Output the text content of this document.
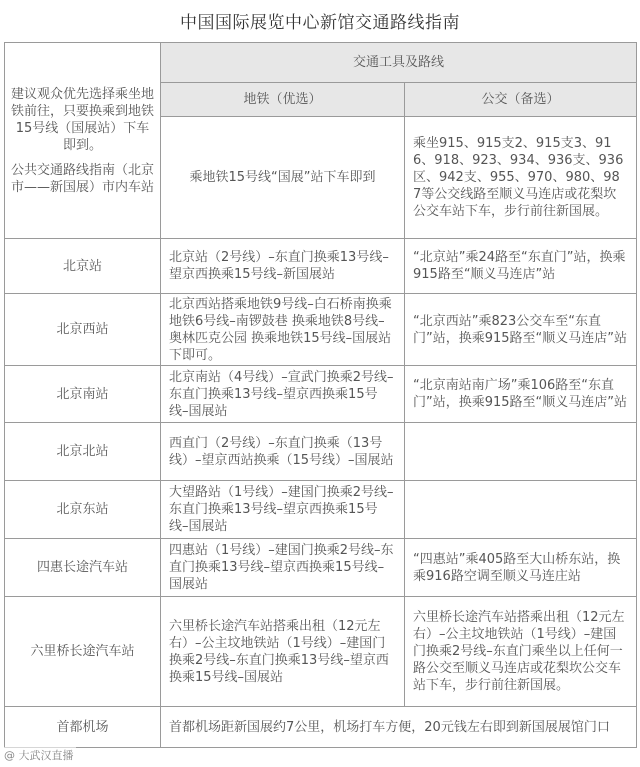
中国国际展览中心新馆交通路线指南
建议观众优先选择乘坐地铁前往，只要换乘到地铁15号线（国展站）下车即到。
公共交通路线指南（北京市——新国展）市内车站	交通工具及路线	
	地铁（优选）	公交（备选）
	乘地铁15号线“国展”站下车即到	乘坐915、915支2、915支3、916、918、923、934、936支、936区、942支、955、970、980、987等公交线路至顺义马连店或花梨坎公交车站下车，步行前往新国展。
北京站	北京站（2号线）–东直门换乘13号线–望京西换乘15号线–新国展站	“北京站”乘24路至“东直门”站，换乘915路至“顺义马连店”站
北京西站	北京西站搭乘地铁9号线–白石桥南换乘地铁6号线–南锣鼓巷 换乘地铁8号线–奥林匹克公园 换乘地铁15号线–国展站下即可。	“北京西站”乘823公交车至“东直门”站，换乘915路至“顺义马连店”站
北京南站	北京南站（4号线）–宣武门换乘2号线–东直门换乘13号线–望京西换乘15号线–国展站	“北京南站南广场”乘106路至“东直门”站，换乘915路至“顺义马连店”站
北京北站	西直门（2号线）–东直门换乘（13号线）–望京西站换乘（15号线）–国展站	
北京东站	大望路站（1号线）–建国门换乘2号线–东直门换乘13号线–望京西换乘15号线–国展站	
四惠长途汽车站	四惠站（1号线）–建国门换乘2号线–东直门换乘13号线–望京西换乘15号线–国展站	“四惠站”乘405路至大山桥东站，换乘916路空调至顺义马连庄站
六里桥长途汽车站	六里桥长途汽车站搭乘出租（12元左右）–公主坟地铁站（1号线）–建国门换乘2号线–东直门换乘13号线–望京西换乘15号线–国展站	六里桥长途汽车站搭乘出租（12元左右）–公主坟地铁站（1号线）–建国门换乘2号线–东直门乘坐以上任何一路公交至顺义马连店或花梨坎公交车站下车，步行前往新国展。
首都机场	首都机场距新国展约7公里，机场打车方便，20元钱左右即到新国展展馆门口	
@ 大武汉直播
